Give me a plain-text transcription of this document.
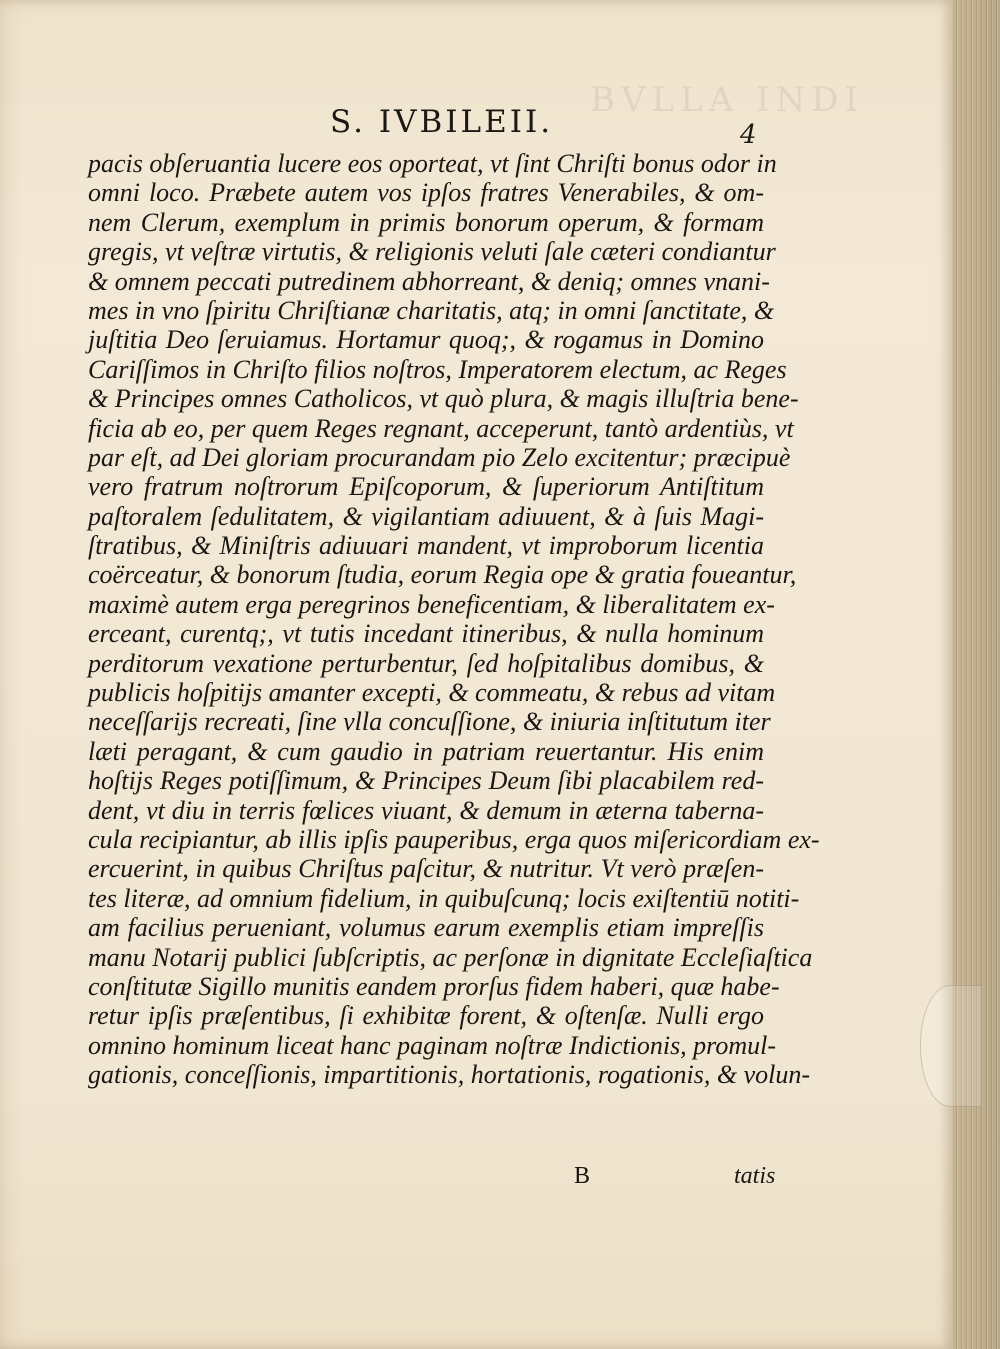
BVLLA INDI
S. IVBILEII.	4
pacis obſeruantia lucere eos oporteat, vt ſint Chriſti bonus odor in
omni loco. Præbete autem vos ipſos fratres Venerabiles, & om-
nem Clerum, exemplum in primis bonorum operum, & formam
gregis, vt veſtræ virtutis, & religionis veluti ſale cæteri condiantur
& omnem peccati putredinem abhorreant, & deniq; omnes vnani-
mes in vno ſpiritu Chriſtianæ charitatis, atq; in omni ſanctitate, &
juſtitia Deo ſeruiamus. Hortamur quoq;, & rogamus in Domino
Cariſſimos in Chriſto filios noſtros, Imperatorem electum, ac Reges
& Principes omnes Catholicos, vt quò plura, & magis illuſtria bene-
ficia ab eo, per quem Reges regnant, acceperunt, tantò ardentiùs, vt
par eſt, ad Dei gloriam procurandam pio Zelo excitentur; præcipuè
vero fratrum noſtrorum Epiſcoporum, & ſuperiorum Antiſtitum
paſtoralem ſedulitatem, & vigilantiam adiuuent, & à ſuis Magi-
ſtratibus, & Miniſtris adiuuari mandent, vt improborum licentia
coërceatur, & bonorum ſtudia, eorum Regia ope & gratia foueantur,
maximè autem erga peregrinos beneficentiam, & liberalitatem ex-
erceant, curentq;, vt tutis incedant itineribus, & nulla hominum
perditorum vexatione perturbentur, ſed hoſpitalibus domibus, &
publicis hoſpitijs amanter excepti, & commeatu, & rebus ad vitam
neceſſarijs recreati, ſine vlla concuſſione, & iniuria inſtitutum iter
læti peragant, & cum gaudio in patriam reuertantur. His enim
hoſtijs Reges potiſſimum, & Principes Deum ſibi placabilem red-
dent, vt diu in terris fœlices viuant, & demum in æterna taberna-
cula recipiantur, ab illis ipſis pauperibus, erga quos miſericordiam ex-
ercuerint, in quibus Chriſtus paſcitur, & nutritur. Vt verò præſen-
tes literæ, ad omnium fidelium, in quibuſcunq; locis exiſtentiū notiti-
am facilius perueniant, volumus earum exemplis etiam impreſſis
manu Notarij publici ſubſcriptis, ac perſonæ in dignitate Eccleſiaſtica
conſtitutæ Sigillo munitis eandem prorſus fidem haberi, quæ habe-
retur ipſis præſentibus, ſi exhibitæ forent, & oſtenſæ. Nulli ergo
omnino hominum liceat hanc paginam noſtræ Indictionis, promul-
gationis, conceſſionis, impartitionis, hortationis, rogationis, & volun-
B	tatis
